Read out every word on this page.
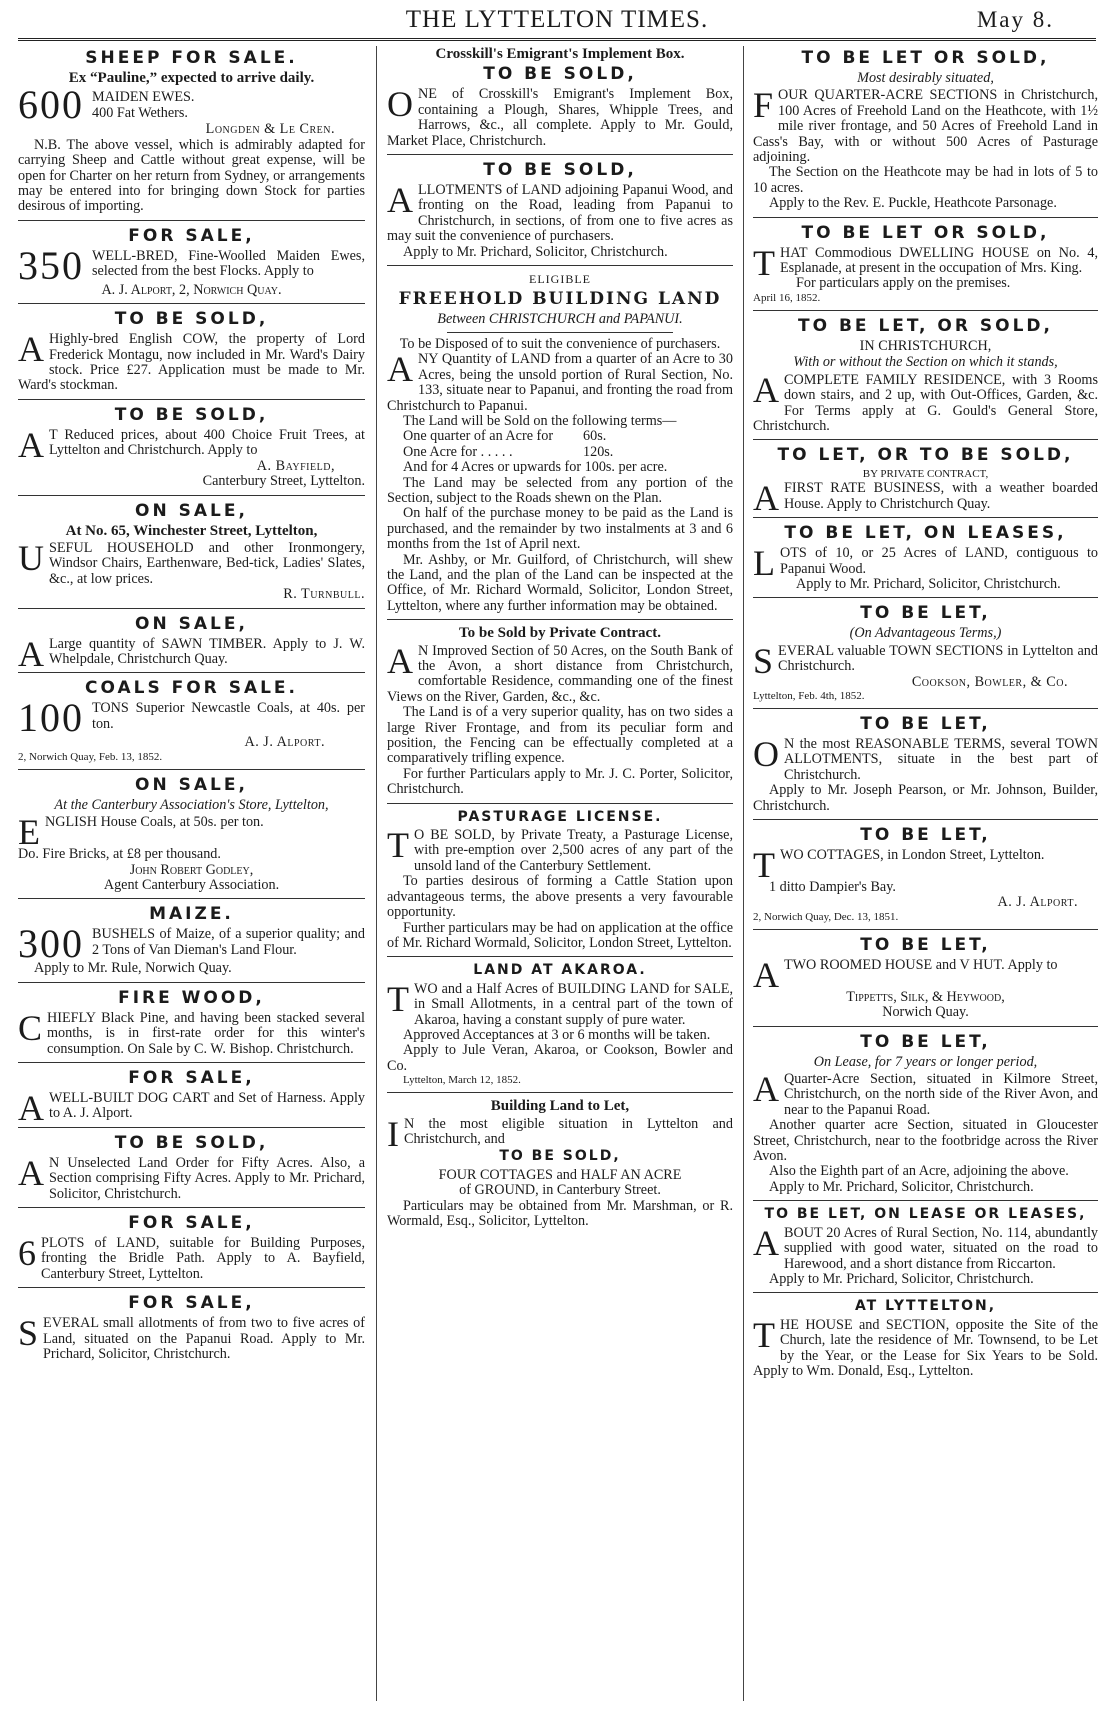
THE LYTTELTON TIMES.	May 8.
SHEEP FOR SALE.
Ex “Pauline,” expected to arrive daily.
600 MAIDEN EWES.
400 Fat Wethers.
Longden & Le Cren.
N.B. The above vessel, which is admirably adapted for carrying Sheep and Cattle without great expense, will be open for Charter on her return from Sydney, or arrangements may be entered into for bringing down Stock for parties desirous of importing.
FOR SALE,
350 WELL-BRED, Fine-Woolled Maiden Ewes, selected from the best Flocks. Apply to
A. J. Alport, 2, Norwich Quay.
TO BE SOLD,
A Highly-bred English COW, the property of Lord Frederick Montagu, now included in Mr. Ward's Dairy stock. Price £27. Application must be made to Mr. Ward's stockman.
TO BE SOLD,
A T Reduced prices, about 400 Choice Fruit Trees, at Lyttelton and Christchurch. Apply to
A. Bayfield,
Canterbury Street, Lyttelton.
ON SALE,
At No. 65, Winchester Street, Lyttelton,
U SEFUL HOUSEHOLD and other Ironmongery, Windsor Chairs, Earthenware, Bed-tick, Ladies' Slates, &c., at low prices.
R. Turnbull.
ON SALE,
A Large quantity of SAWN TIMBER. Apply to J. W. Whelpdale, Christchurch Quay.
COALS FOR SALE.
100 TONS Superior Newcastle Coals, at 40s. per ton.
A. J. Alport.
2, Norwich Quay, Feb. 13, 1852.
ON SALE,
At the Canterbury Association's Store, Lyttelton,
E NGLISH House Coals, at 50s. per ton.
Do. Fire Bricks, at £8 per thousand.
John Robert Godley,
Agent Canterbury Association.
MAIZE.
300 BUSHELS of Maize, of a superior quality; and 2 Tons of Van Dieman's Land Flour.
Apply to Mr. Rule, Norwich Quay.
FIRE WOOD,
C HIEFLY Black Pine, and having been stacked several months, is in first-rate order for this winter's consumption. On Sale by C. W. Bishop. Christchurch.
FOR SALE,
A WELL-BUILT DOG CART and Set of Harness. Apply to A. J. Alport.
TO BE SOLD,
A N Unselected Land Order for Fifty Acres. Also, a Section comprising Fifty Acres. Apply to Mr. Prichard, Solicitor, Christchurch.
FOR SALE,
6 PLOTS of LAND, suitable for Building Purposes, fronting the Bridle Path. Apply to A. Bayfield, Canterbury Street, Lyttelton.
FOR SALE,
S EVERAL small allotments of from two to five acres of Land, situated on the Papanui Road. Apply to Mr. Prichard, Solicitor, Christchurch.
Crosskill's Emigrant's Implement Box.
TO BE SOLD,
O NE of Crosskill's Emigrant's Implement Box, containing a Plough, Shares, Whipple Trees, and Harrows, &c., all complete. Apply to Mr. Gould, Market Place, Christchurch.
TO BE SOLD,
A LLOTMENTS of LAND adjoining Papanui Wood, and fronting on the Road, leading from Papanui to Christchurch, in sections, of from one to five acres as may suit the convenience of purchasers.
Apply to Mr. Prichard, Solicitor, Christchurch.
ELIGIBLE
FREEHOLD BUILDING LAND
Between CHRISTCHURCH and PAPANUI.
To be Disposed of to suit the convenience of purchasers.
A NY Quantity of LAND from a quarter of an Acre to 30 Acres, being the unsold portion of Rural Section, No. 133, situate near to Papanui, and fronting the road from Christchurch to Papanui.
The Land will be Sold on the following terms—
One quarter of an Acre for	60s.
One Acre for . . . . .	120s.
And for 4 Acres or upwards for 100s. per acre.
The Land may be selected from any portion of the Section, subject to the Roads shewn on the Plan.
On half of the purchase money to be paid as the Land is purchased, and the remainder by two instalments at 3 and 6 months from the 1st of April next.
Mr. Ashby, or Mr. Guilford, of Christchurch, will shew the Land, and the plan of the Land can be inspected at the Office, of Mr. Richard Wormald, Solicitor, London Street, Lyttelton, where any further information may be obtained.
To be Sold by Private Contract.
A N Improved Section of 50 Acres, on the South Bank of the Avon, a short distance from Christchurch, comfortable Residence, commanding one of the finest Views on the River, Garden, &c., &c.
The Land is of a very superior quality, has on two sides a large River Frontage, and from its peculiar form and position, the Fencing can be effectually completed at a comparatively trifling expence.
For further Particulars apply to Mr. J. C. Porter, Solicitor, Christchurch.
PASTURAGE LICENSE.
T O BE SOLD, by Private Treaty, a Pasturage License, with pre-emption over 2,500 acres of any part of the unsold land of the Canterbury Settlement.
To parties desirous of forming a Cattle Station upon advantageous terms, the above presents a very favourable opportunity.
Further particulars may be had on application at the office of Mr. Richard Wormald, Solicitor, London Street, Lyttelton.
LAND AT AKAROA.
T WO and a Half Acres of BUILDING LAND for SALE, in Small Allotments, in a central part of the town of Akaroa, having a constant supply of pure water.
Approved Acceptances at 3 or 6 months will be taken.
Apply to Jule Veran, Akaroa, or Cookson, Bowler and Co.
Lyttelton, March 12, 1852.
Building Land to Let,
I N the most eligible situation in Lyttelton and Christchurch, and
TO BE SOLD,
FOUR COTTAGES and HALF AN ACRE
of GROUND, in Canterbury Street.
Particulars may be obtained from Mr. Marshman, or R. Wormald, Esq., Solicitor, Lyttelton.
TO BE LET OR SOLD,
Most desirably situated,
F OUR QUARTER-ACRE SECTIONS in Christchurch, 100 Acres of Freehold Land on the Heathcote, with 1½ mile river frontage, and 50 Acres of Freehold Land in Cass's Bay, with or without 500 Acres of Pasturage adjoining.
The Section on the Heathcote may be had in lots of 5 to 10 acres.
Apply to the Rev. E. Puckle, Heathcote Parsonage.
TO BE LET OR SOLD,
T HAT Commodious DWELLING HOUSE on No. 4, Esplanade, at present in the occupation of Mrs. King.
For particulars apply on the premises.
April 16, 1852.
TO BE LET, OR SOLD,
IN CHRISTCHURCH,
With or without the Section on which it stands,
A COMPLETE FAMILY RESIDENCE, with 3 Rooms down stairs, and 2 up, with Out-Offices, Garden, &c. For Terms apply at G. Gould's General Store, Christchurch.
TO LET, OR TO BE SOLD,
BY PRIVATE CONTRACT,
A FIRST RATE BUSINESS, with a weather boarded House. Apply to Christchurch Quay.
TO BE LET, ON LEASES,
L OTS of 10, or 25 Acres of LAND, contiguous to Papanui Wood.
Apply to Mr. Prichard, Solicitor, Christchurch.
TO BE LET,
(On Advantageous Terms,)
S EVERAL valuable TOWN SECTIONS in Lyttelton and Christchurch.
Cookson, Bowler, & Co.
Lyttelton, Feb. 4th, 1852.
TO BE LET,
O N the most REASONABLE TERMS, several TOWN ALLOTMENTS, situate in the best part of Christchurch.
Apply to Mr. Joseph Pearson, or Mr. Johnson, Builder, Christchurch.
TO BE LET,
T WO COTTAGES, in London Street, Lyttelton.
1 ditto Dampier's Bay.
A. J. Alport.
2, Norwich Quay, Dec. 13, 1851.
TO BE LET,
A TWO ROOMED HOUSE and V HUT. Apply to
Tippetts, Silk, & Heywood,
Norwich Quay.
TO BE LET,
On Lease, for 7 years or longer period,
A Quarter-Acre Section, situated in Kilmore Street, Christchurch, on the north side of the River Avon, and near to the Papanui Road.
Another quarter acre Section, situated in Gloucester Street, Christchurch, near to the footbridge across the River Avon.
Also the Eighth part of an Acre, adjoining the above.
Apply to Mr. Prichard, Solicitor, Christchurch.
TO BE LET, ON LEASE OR LEASES,
A BOUT 20 Acres of Rural Section, No. 114, abundantly supplied with good water, situated on the road to Harewood, and a short distance from Riccarton.
Apply to Mr. Prichard, Solicitor, Christchurch.
AT LYTTELTON,
T HE HOUSE and SECTION, opposite the Site of the Church, late the residence of Mr. Townsend, to be Let by the Year, or the Lease for Six Years to be Sold. Apply to Wm. Donald, Esq., Lyttelton.
